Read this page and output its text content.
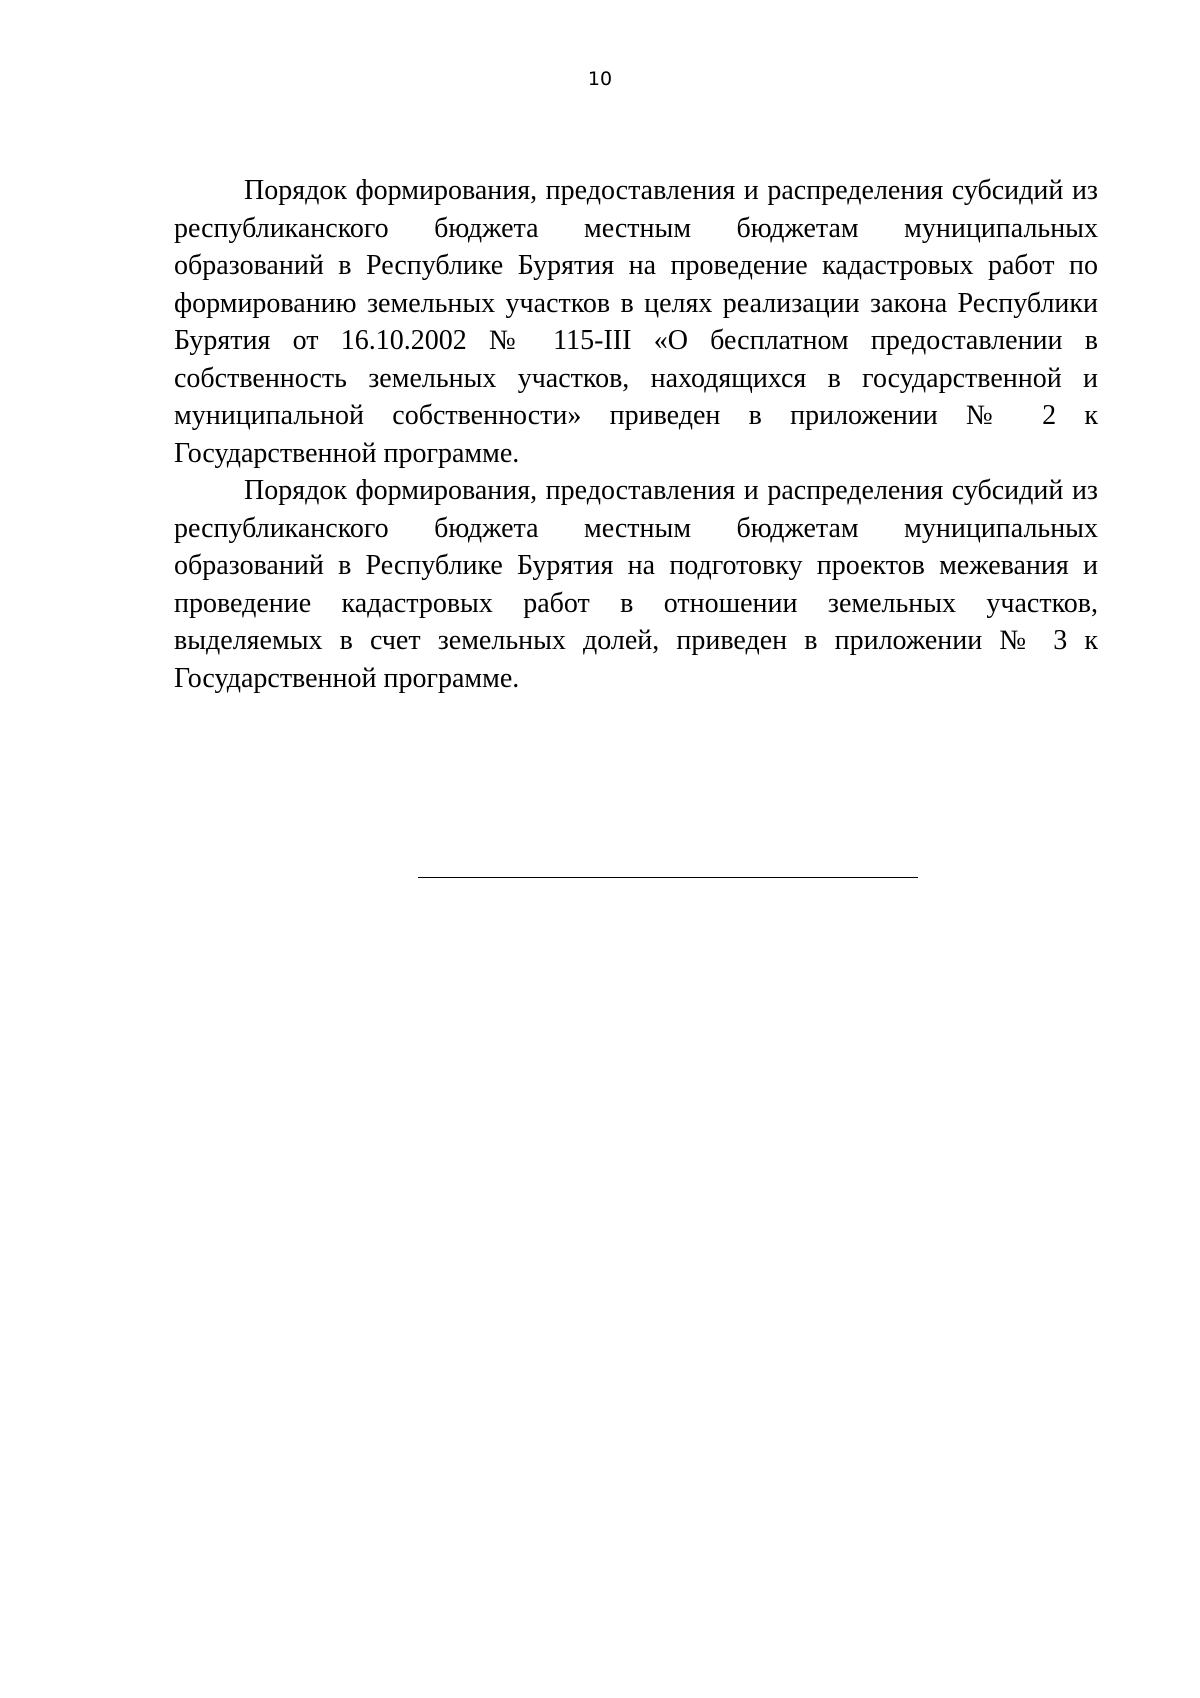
10

Порядок формирования, предоставления и распределения субсидий из республиканского бюджета местным бюджетам муниципальных образований в Республике Бурятия на проведение кадастровых работ по формированию земельных участков в целях реализации закона Республики Бурятия от 16.10.2002 № 115-III «О бесплатном предоставлении в собственность земельных участков, находящихся в государственной и муниципальной собственности» приведен в приложении № 2 к Государственной программе.

Порядок формирования, предоставления и распределения субсидий из республиканского бюджета местным бюджетам муниципальных образований в Республике Бурятия на подготовку проектов межевания и проведение кадастровых работ в отношении земельных участков, выделяемых в счет земельных долей, приведен в приложении № 3 к Государственной программе.
